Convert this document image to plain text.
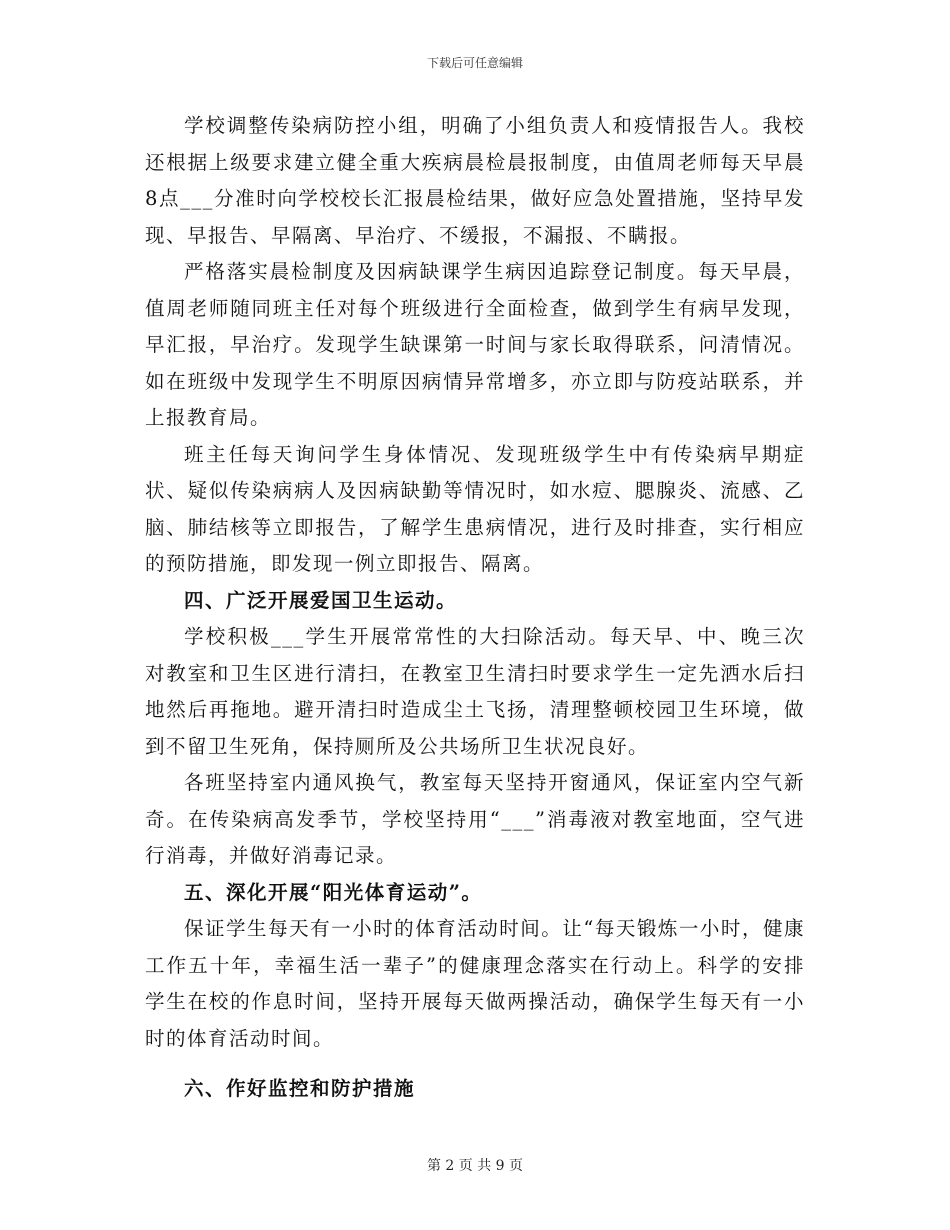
下载后可任意编辑

学校调整传染病防控小组，明确了小组负责人和疫情报告人。我校还根据上级要求建立健全重大疾病晨检晨报制度，由值周老师每天早晨8点___分准时向学校校长汇报晨检结果，做好应急处置措施，坚持早发现、早报告、早隔离、早治疗、不缓报，不漏报、不瞒报。

严格落实晨检制度及因病缺课学生病因追踪登记制度。每天早晨，值周老师随同班主任对每个班级进行全面检查，做到学生有病早发现，早汇报，早治疗。发现学生缺课第一时间与家长取得联系，问清情况。如在班级中发现学生不明原因病情异常增多，亦立即与防疫站联系，并上报教育局。

班主任每天询问学生身体情况、发现班级学生中有传染病早期症状、疑似传染病病人及因病缺勤等情况时，如水痘、腮腺炎、流感、乙脑、肺结核等立即报告，了解学生患病情况，进行及时排查，实行相应的预防措施，即发现一例立即报告、隔离。

四、广泛开展爱国卫生运动。

学校积极___学生开展常常性的大扫除活动。每天早、中、晚三次对教室和卫生区进行清扫，在教室卫生清扫时要求学生一定先洒水后扫地然后再拖地。避开清扫时造成尘土飞扬，清理整顿校园卫生环境，做到不留卫生死角，保持厕所及公共场所卫生状况良好。

各班坚持室内通风换气，教室每天坚持开窗通风，保证室内空气新奇。在传染病高发季节，学校坚持用“___”消毒液对教室地面，空气进行消毒，并做好消毒记录。

五、深化开展“阳光体育运动”。

保证学生每天有一小时的体育活动时间。让“每天锻炼一小时，健康工作五十年，幸福生活一辈子”的健康理念落实在行动上。科学的安排学生在校的作息时间，坚持开展每天做两操活动，确保学生每天有一小时的体育活动时间。

六、作好监控和防护措施

第 2 页 共 9 页
